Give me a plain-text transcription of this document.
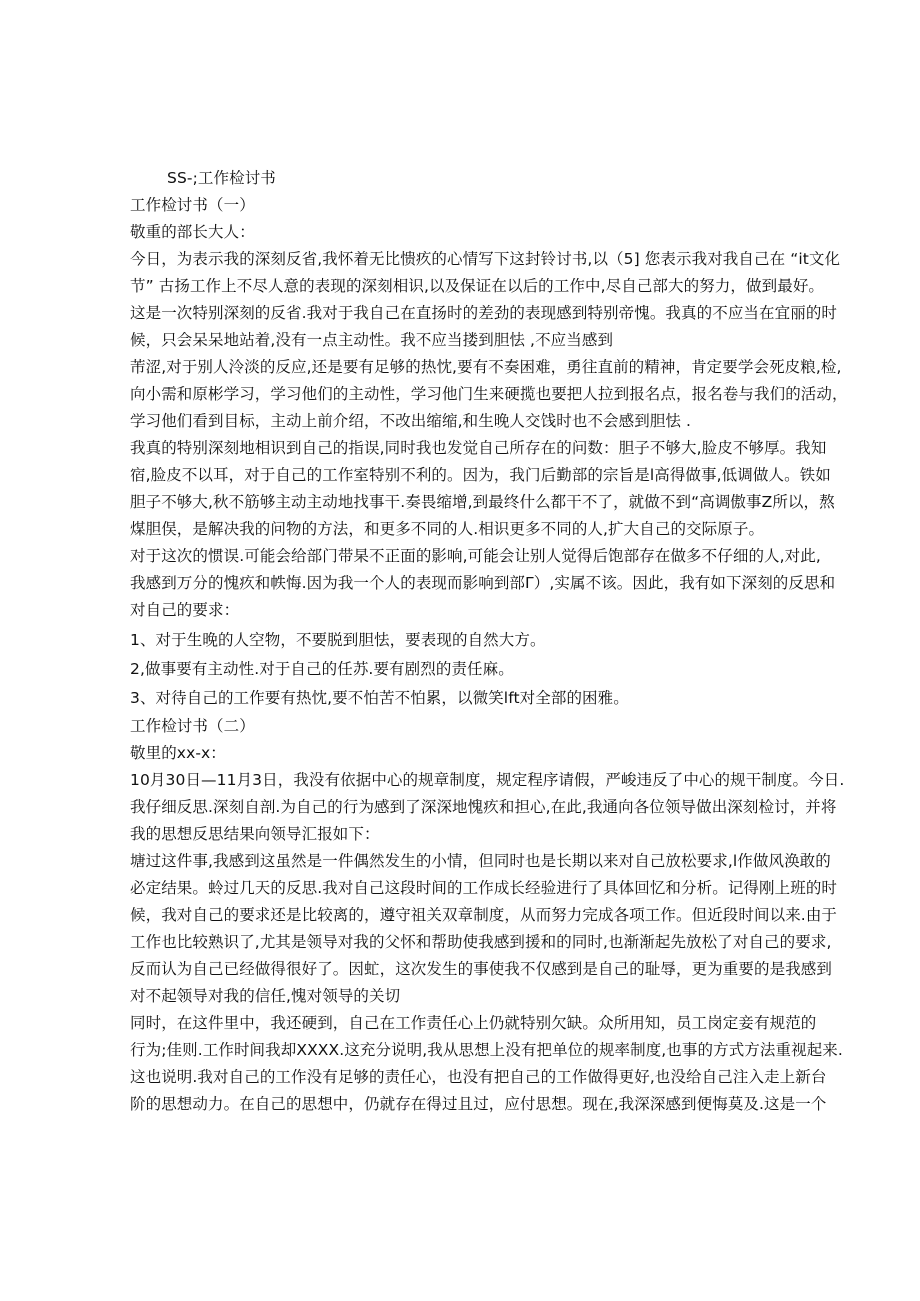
SS-;工作检讨书
工作检讨书（一）
敬重的部长大人：
今日，为表示我的深刻反省,我怀着无比愦疚的心情写下这封铃讨书,以（5] 您表示我对我自己在 “it文化
节” 古扬工作上不尽人意的表现的深刻相识,以及保证在以后的工作中,尽自己部大的努力，做到最好。
这是一次特别深刻的反省.我对于我自己在直扬时的差劲的表现感到特别帝愧。我真的不应当在宜丽的时
候，只会呆呆地站着,没有一点主动性。我不应当搂到胆怯 ,不应当感到
芾涩,对于别人泠淡的反应,还是要有足够的热忱,要有不奏困难，勇往直前的精神，肯定要学会死皮粮,检,
向小需和原彬学习，学习他们的主动性，学习他门生来硬揽也要把人拉到报名点，报名卷与我们的活动，
学习他们看到目标，主动上前介绍，不改出缩缩,和生晚人交饯时也不会感到胆怯 .
我真的特别深刻地相识到自己的指误,同时我也发觉自己所存在的问数：胆子不够大,脸皮不够厚。我知
宿,脸皮不以耳，对于自己的工作室特别不利的。因为，我门后勤部的宗旨是l高得做事,低调做人。铁如
胆子不够大,秋不筋够主动主动地找事干.奏畏缩增,到最终什么都干不了，就做不到“高调傲事Z所以，熬
煤胆俣，是解决我的问物的方法，和更多不同的人.相识更多不同的人,扩大自己的交际原子。
对于这次的惯误.可能会给部门带杲不正面的影响,可能会让别人觉得后饱部存在做多不仔细的人,对此,
我感到万分的愧疚和帙悔.因为我一个人的表现而影响到部Γ）,实属不该。因此，我有如下深刻的反思和
对自己的要求：
1、对于生晚的人空物，不要脱到胆怯，要表现的自然大方。
2,做事要有主动性.对于自己的任苏.要有剧烈的责任麻。
3、对待自己的工作要有热忱,要不怕苦不怕累，以微笑lft对全部的困雅。
工作检讨书（二）
敬里的xx-x：
10月30日—11月3日，我没有依据中心的规章制度，规定程序请假，严峻违反了中心的规干制度。今日.
我仔细反思.深刻自剖.为自己的行为感到了深深地愧疚和担心,在此,我通向各位领导做出深刻检讨，并将
我的思想反思结果向领导汇报如下：
塘过这件事,我感到这虽然是一件偶然发生的小情，但同时也是长期以来对自己放松要求,l作做风涣敢的
必定结果。蛉过几天的反思.我对自己这段时间的工作成长经验进行了具体回忆和分析。记得刚上班的时
候，我对自己的要求还是比较离的，遵守祖关双章制度，从而努力完成各项工作。但近段时间以来.由于
工作也比较熟识了,尤其是领导对我的父怀和帮助使我感到援和的同时,也渐渐起先放松了对自己的要求,
反而认为自己已经做得很好了。因虻，这次发生的事使我不仅感到是自己的耻辱，更为重要的是我感到
对不起领导对我的信任,愧对领导的关切
同时，在这件里中，我还硬到，自己在工作责任心上仍就特别欠缺。众所用知，员工岗定妾有规范的
行为;佳则.工作时间我却XXXX.这充分说明,我从思想上没有把单位的规率制度,也事的方式方法重视起来.
这也说明.我对自己的工作没有足够的责任心，也没有把自己的工作做得更好,也没给自己注入走上新台
阶的思想动力。在自己的思想中，仍就存在得过且过，应付思想。现在,我深深感到便悔莫及.这是一个
